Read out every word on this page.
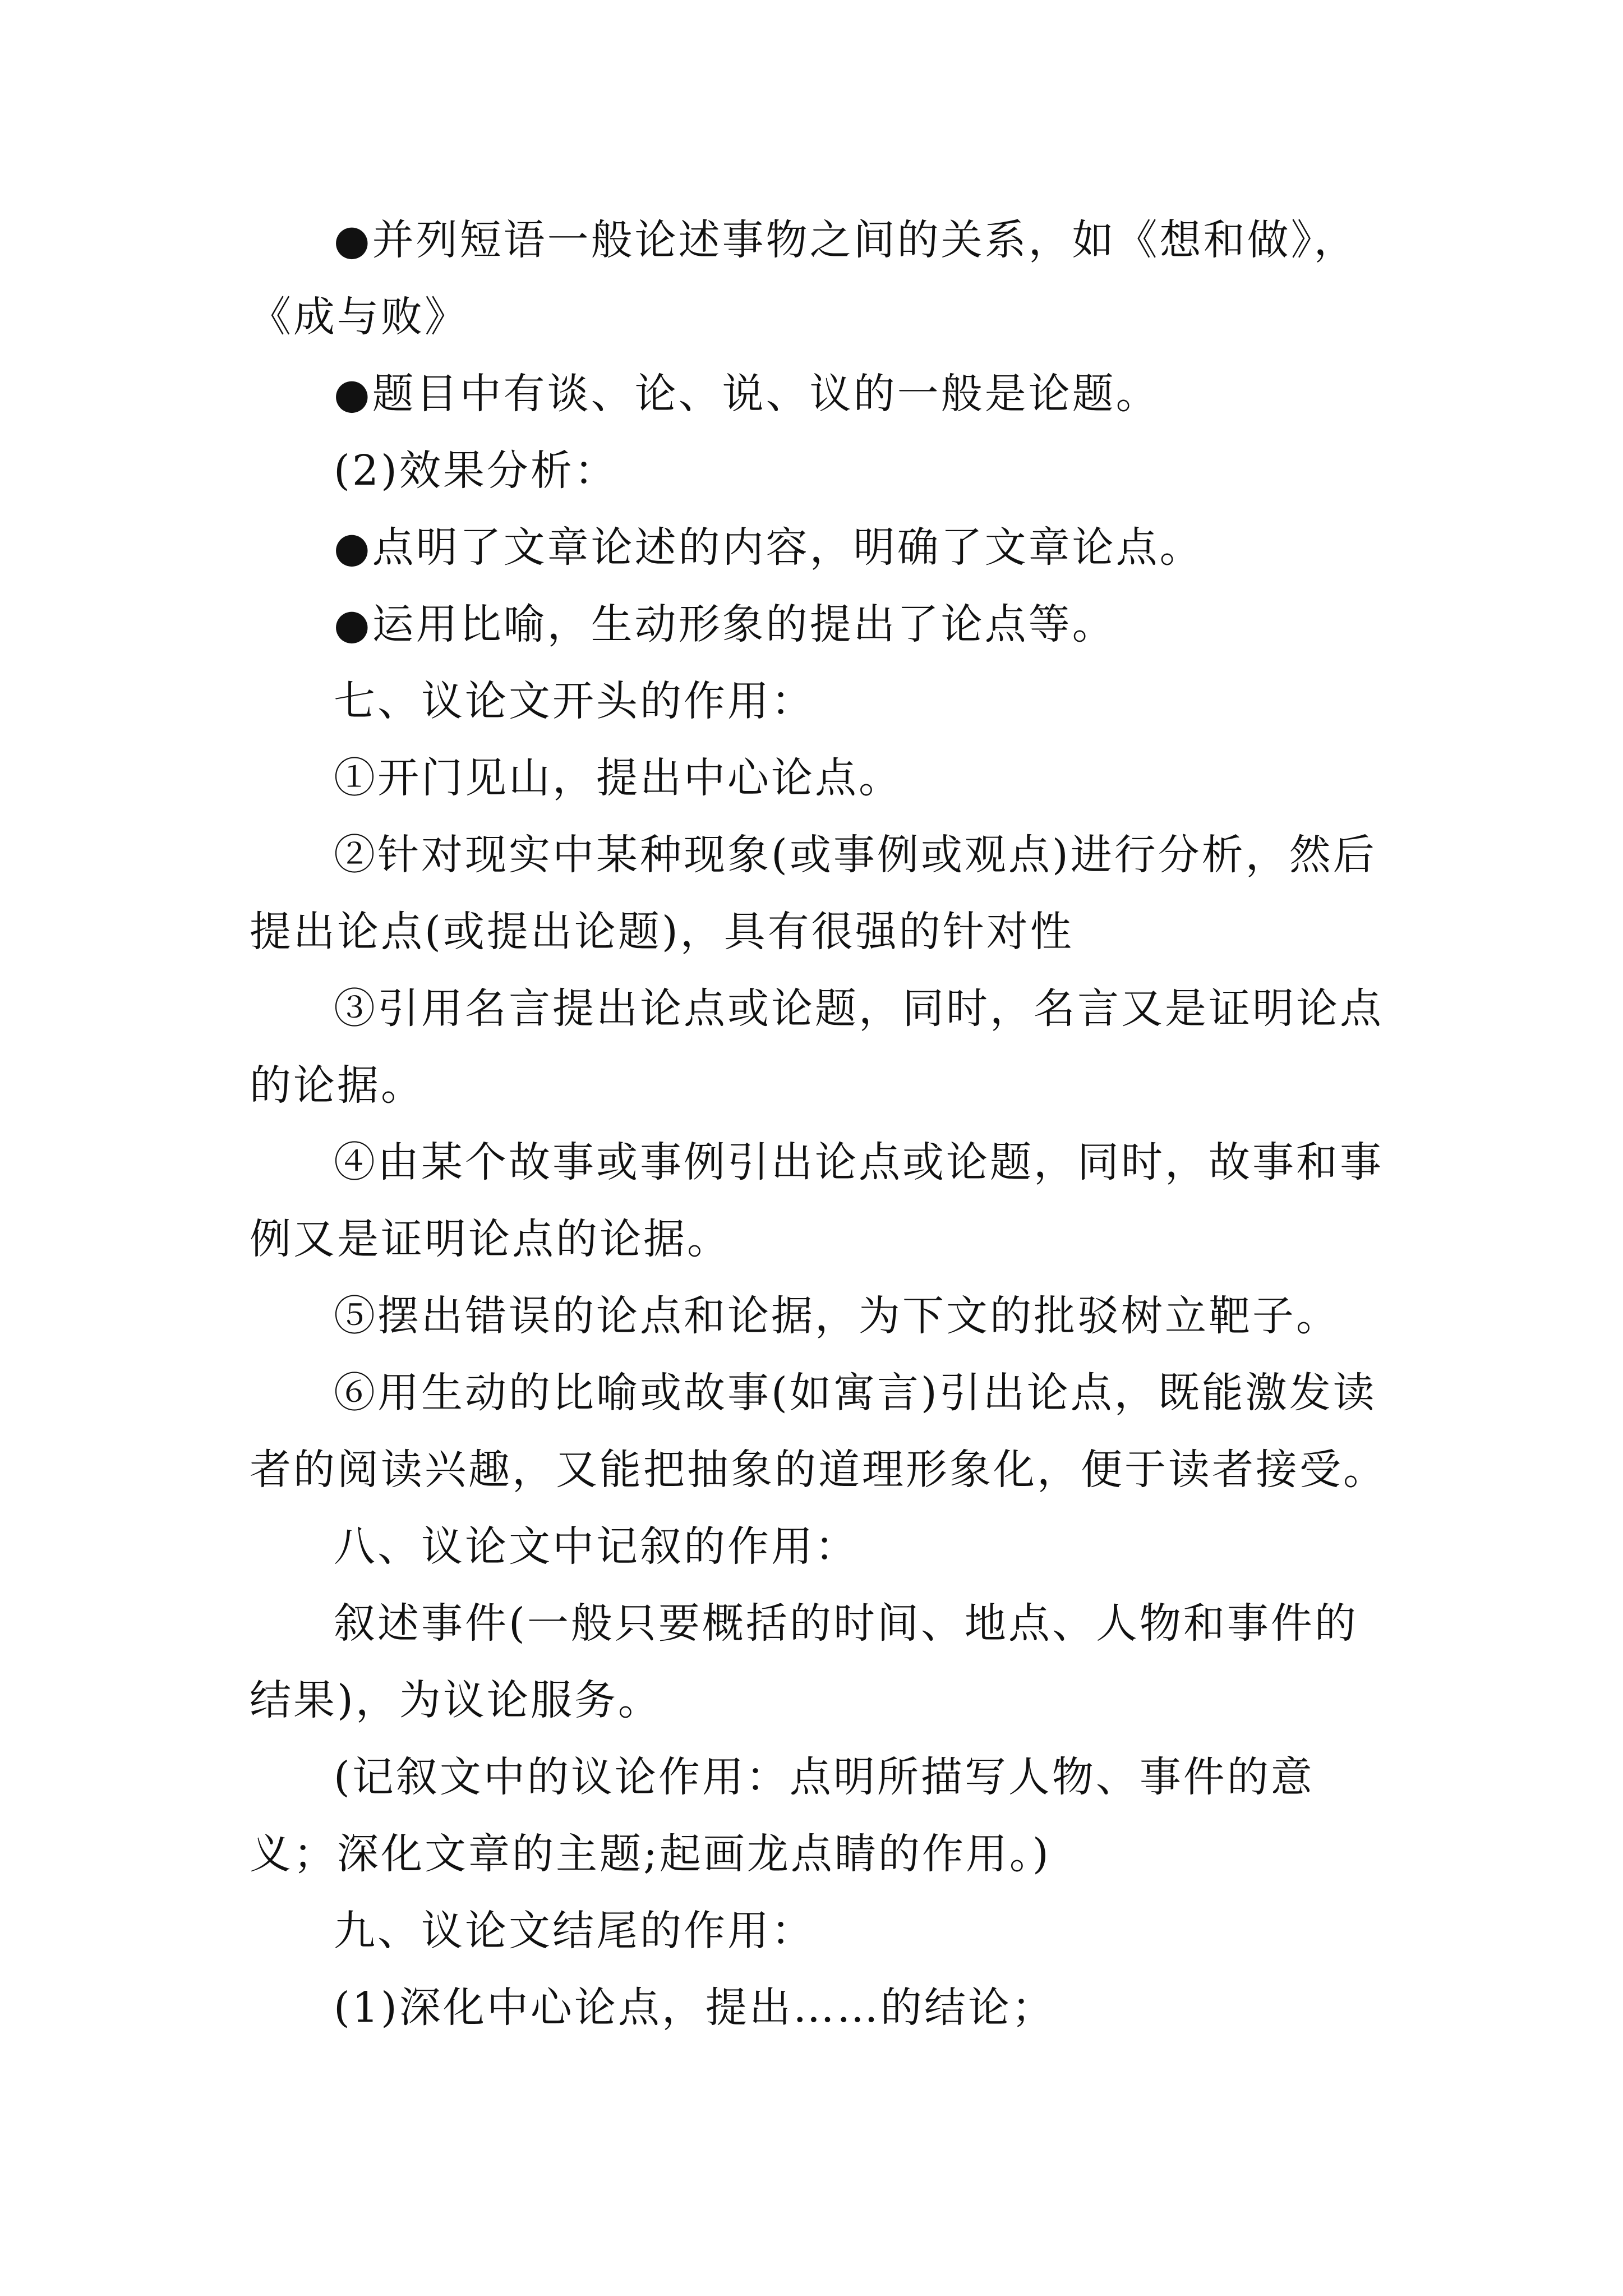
●并列短语一般论述事物之间的关系，如《想和做》，《成与败》

●题目中有谈、论、说、议的一般是论题。

(2)效果分析：

●点明了文章论述的内容，明确了文章论点。

●运用比喻，生动形象的提出了论点等。

七、议论文开头的作用：

①开门见山，提出中心论点。

②针对现实中某种现象(或事例或观点)进行分析，然后提出论点(或提出论题)，具有很强的针对性

③引用名言提出论点或论题，同时，名言又是证明论点的论据。

④由某个故事或事例引出论点或论题，同时，故事和事例又是证明论点的论据。

⑤摆出错误的论点和论据，为下文的批驳树立靶子。

⑥用生动的比喻或故事(如寓言)引出论点，既能激发读者的阅读兴趣，又能把抽象的道理形象化，便于读者接受。

八、议论文中记叙的作用：

叙述事件(一般只要概括的时间、地点、人物和事件的结果)，为议论服务。

(记叙文中的议论作用：点明所描写人物、事件的意义；深化文章的主题;起画龙点睛的作用。)

九、议论文结尾的作用：

(1)深化中心论点，提出……的结论；
